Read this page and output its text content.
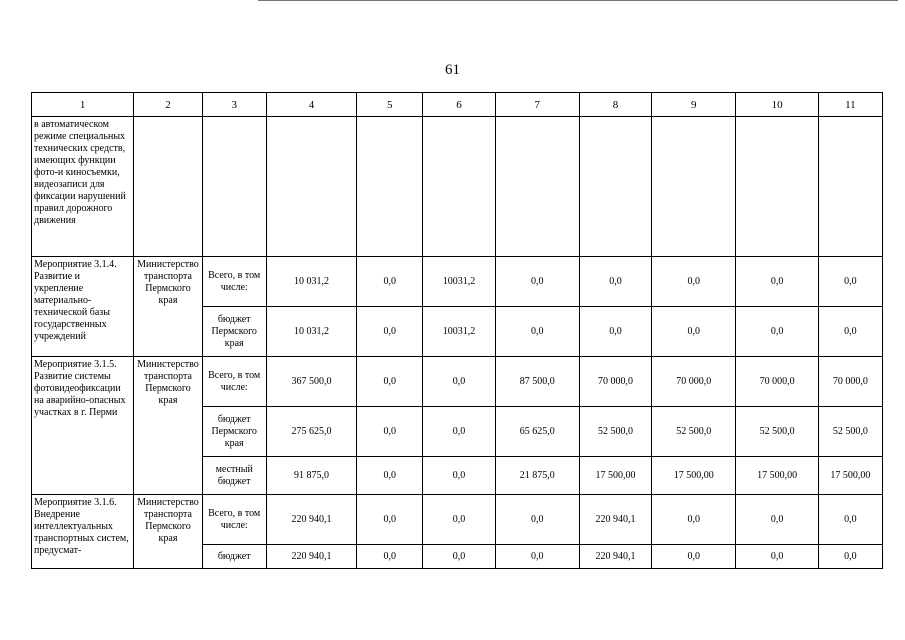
61
1	2	3	4	5	6	7	8	9	10	11
в автоматическом режиме специальных технических средств, имеющих функции фото-и киносъемки, видеозаписи для фиксации нарушений правил дорожного движения										
Мероприятие 3.1.4. Развитие и укрепление материально-технической базы государственных учреждений	Министерство транспорта Пермского края	Всего, в том числе:	10 031,2	0,0	10031,2	0,0	0,0	0,0	0,0	0,0
		бюджет Пермского края	10 031,2	0,0	10031,2	0,0	0,0	0,0	0,0	0,0
Мероприятие 3.1.5. Развитие системы фотовидеофиксации на аварийно-опасных участках в г. Перми	Министерство транспорта Пермского края	Всего, в том числе:	367 500,0	0,0	0,0	87 500,0	70 000,0	70 000,0	70 000,0	70 000,0
		бюджет Пермского края	275 625,0	0,0	0,0	65 625,0	52 500,0	52 500,0	52 500,0	52 500,0
		местный бюджет	91 875,0	0,0	0,0	21 875,0	17 500,00	17 500,00	17 500,00	17 500,00
Мероприятие 3.1.6. Внедрение интеллектуальных транспортных систем, предусмат-	Министерство транспорта Пермского края	Всего, в том числе:	220 940,1	0,0	0,0	0,0	220 940,1	0,0	0,0	0,0
		бюджет	220 940,1	0,0	0,0	0,0	220 940,1	0,0	0,0	0,0
